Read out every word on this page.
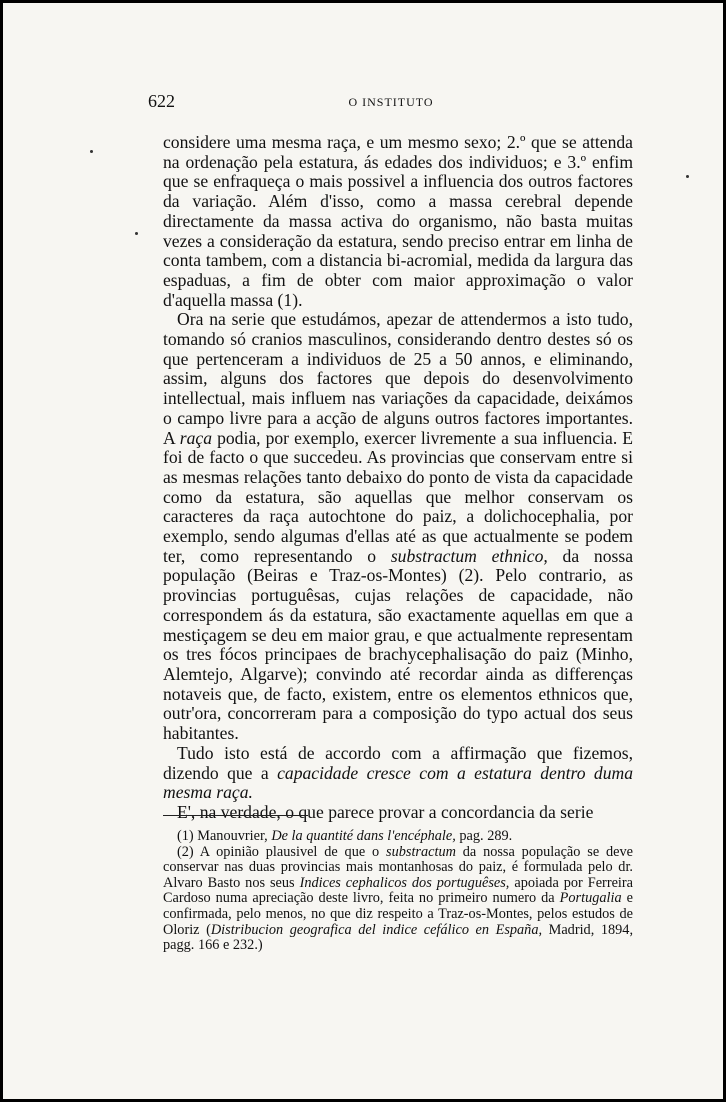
622	O INSTITUTO

considere uma mesma raça, e um mesmo sexo; 2.º que se attenda na ordenação pela estatura, ás edades dos individuos; e 3.º enfim que se enfraqueça o mais possivel a influencia dos outros factores da variação. Além d'isso, como a massa cerebral depende directamente da massa activa do organismo, não basta muitas vezes a consideração da estatura, sendo preciso entrar em linha de conta tambem, com a distancia bi-acromial, medida da largura das espaduas, a fim de obter com maior approximação o valor d'aquella massa (1).

Ora na serie que estudámos, apezar de attendermos a isto tudo, tomando só cranios masculinos, considerando dentro destes só os que pertenceram a individuos de 25 a 50 annos, e eliminando, assim, alguns dos factores que depois do desenvolvimento intellectual, mais influem nas variações da capacidade, deixámos o campo livre para a acção de alguns outros factores importantes. A raça podia, por exemplo, exercer livremente a sua influencia. E foi de facto o que succedeu. As provincias que conservam entre si as mesmas relações tanto debaixo do ponto de vista da capacidade como da estatura, são aquellas que melhor conservam os caracteres da raça autochtone do paiz, a dolichocephalia, por exemplo, sendo algumas d'ellas até as que actualmente se podem ter, como representando o substractum ethnico, da nossa população (Beiras e Traz-os-Montes) (2). Pelo contrario, as provincias portuguêsas, cujas relações de capacidade, não correspondem ás da estatura, são exactamente aquellas em que a mestiçagem se deu em maior grau, e que actualmente representam os tres fócos principaes de brachycephalisação do paiz (Minho, Alemtejo, Algarve); convindo até recordar ainda as differenças notaveis que, de facto, existem, entre os elementos ethnicos que, outr'ora, concorreram para a composição do typo actual dos seus habitantes.

Tudo isto está de accordo com a affirmação que fizemos, dizendo que a capacidade cresce com a estatura dentro duma mesma raça.

E', na verdade, o que parece provar a concordancia da serie

(1) Manouvrier, De la quantité dans l'encéphale, pag. 289.

(2) A opinião plausivel de que o substractum da nossa população se deve conservar nas duas provincias mais montanhosas do paiz, é formulada pelo dr. Alvaro Basto nos seus Indices cephalicos dos portuguêses, apoiada por Ferreira Cardoso numa apreciação deste livro, feita no primeiro numero da Portugalia e confirmada, pelo menos, no que diz respeito a Traz-os-Montes, pelos estudos de Oloriz (Distribucion geografica del indice cefálico en España, Madrid, 1894, pagg. 166 e 232.)
